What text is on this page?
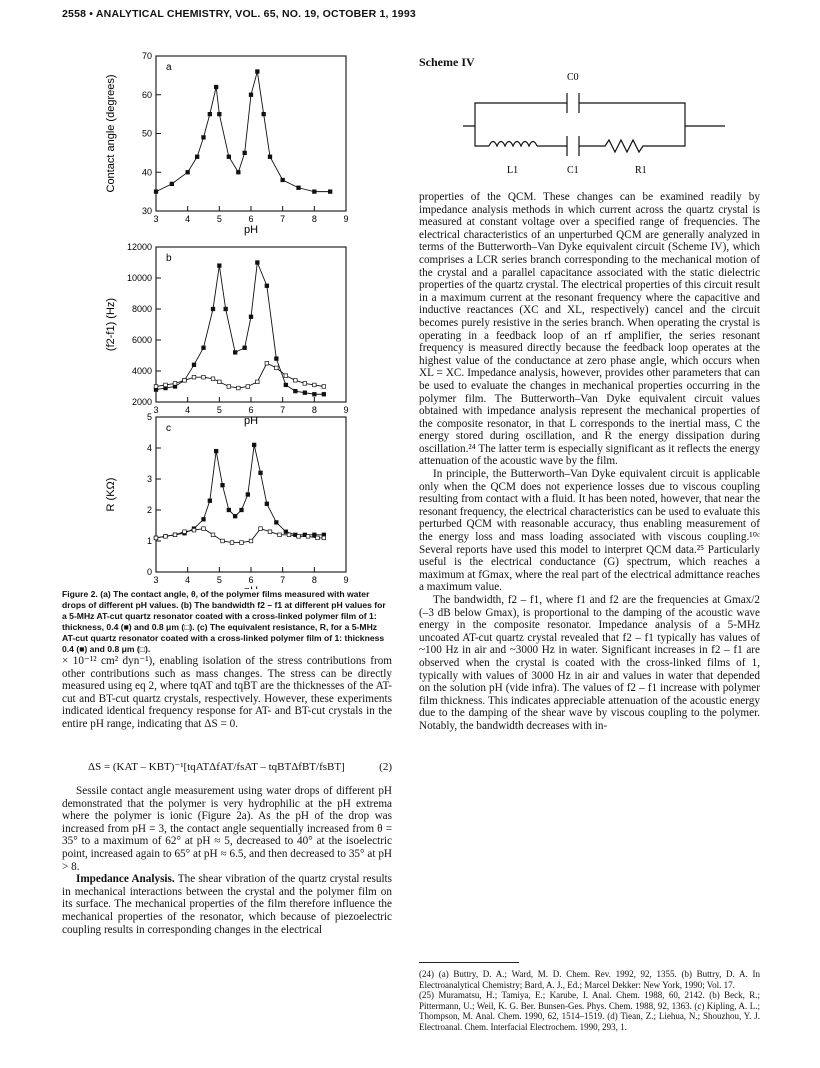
2558 • ANALYTICAL CHEMISTRY, VOL. 65, NO. 19, OCTOBER 1, 1993
3	4	5	6	7	8	9
30
40
50
60
70
pH
Contact angle (degrees)
a
3	4	5	6	7	8	9
2000
4000
6000
8000
10000
12000
pH
(f2-f1) (Hz)
b
3	4	5	6	7	8	9
0
1
2
3
4
5
R (KΩ)
c
Figure 2. (a) The contact angle, θ, of the polymer films measured with water drops of different pH values. (b) The bandwidth f2 – f1 at different pH values for a 5-MHz AT-cut quartz resonator coated with a cross-linked polymer film of 1: thickness, 0.4 (■) and 0.8 μm (□). (c) The equivalent resistance, R, for a 5-MHz AT-cut quartz resonator coated with a cross-linked polymer film of 1: thickness 0.4 (■) and 0.8 μm (□).

× 10⁻¹² cm² dyn⁻¹), enabling isolation of the stress contributions from other contributions such as mass changes. The stress can be directly measured using eq 2, where tqAT and tqBT are the thicknesses of the AT-cut and BT-cut quartz crystals, respectively. However, these experiments indicated identical frequency response for AT- and BT-cut crystals in the entire pH range, indicating that ΔS = 0.

ΔS = (KAT – KBT)⁻¹[tqATΔfAT/fsAT – tqBTΔfBT/fsBT]	(2)

Sessile contact angle measurement using water drops of different pH demonstrated that the polymer is very hydrophilic at the pH extrema where the polymer is ionic (Figure 2a). As the pH of the drop was increased from pH = 3, the contact angle sequentially increased from θ = 35° to a maximum of 62° at pH ≈ 5, decreased to 40° at the isoelectric point, increased again to 65° at pH ≈ 6.5, and then decreased to 35° at pH > 8.

Impedance Analysis. The shear vibration of the quartz crystal results in mechanical interactions between the crystal and the polymer film on its surface. The mechanical properties of the film therefore influence the mechanical properties of the resonator, which because of piezoelectric coupling results in corresponding changes in the electrical

Scheme IV
C0
L1	C1	R1

properties of the QCM. These changes can be examined readily by impedance analysis methods in which current across the quartz crystal is measured at constant voltage over a specified range of frequencies. The electrical characteristics of an unperturbed QCM are generally analyzed in terms of the Butterworth–Van Dyke equivalent circuit (Scheme IV), which comprises a LCR series branch corresponding to the mechanical motion of the crystal and a parallel capacitance associated with the static dielectric properties of the quartz crystal. The electrical properties of this circuit result in a maximum current at the resonant frequency where the capacitive and inductive reactances (XC and XL, respectively) cancel and the circuit becomes purely resistive in the series branch. When operating the crystal is operating in a feedback loop of an rf amplifier, the series resonant frequency is measured directly because the feedback loop operates at the highest value of the conductance at zero phase angle, which occurs when XL = XC. Impedance analysis, however, provides other parameters that can be used to evaluate the changes in mechanical properties occurring in the polymer film. The Butterworth–Van Dyke equivalent circuit values obtained with impedance analysis represent the mechanical properties of the composite resonator, in that L corresponds to the inertial mass, C the energy stored during oscillation, and R the energy dissipation during oscillation.²⁴ The latter term is especially significant as it reflects the energy attenuation of the acoustic wave by the film.

In principle, the Butterworth–Van Dyke equivalent circuit is applicable only when the QCM does not experience losses due to viscous coupling resulting from contact with a fluid. It has been noted, however, that near the resonant frequency, the electrical characteristics can be used to evaluate this perturbed QCM with reasonable accuracy, thus enabling measurement of the energy loss and mass loading associated with viscous coupling.¹⁰ᶜ Several reports have used this model to interpret QCM data.²⁵ Particularly useful is the electrical conductance (G) spectrum, which reaches a maximum at fGmax, where the real part of the electrical admittance reaches a maximum value.

The bandwidth, f2 – f1, where f1 and f2 are the frequencies at Gmax/2 (–3 dB below Gmax), is proportional to the damping of the acoustic wave energy in the composite resonator. Impedance analysis of a 5-MHz uncoated AT-cut quartz crystal revealed that f2 – f1 typically has values of ~100 Hz in air and ~3000 Hz in water. Significant increases in f2 – f1 are observed when the crystal is coated with the cross-linked films of 1, typically with values of 3000 Hz in air and values in water that depended on the solution pH (vide infra). The values of f2 – f1 increase with polymer film thickness. This indicates appreciable attenuation of the acoustic energy due to the damping of the shear wave by viscous coupling to the polymer. Notably, the bandwidth decreases with in-

(24) (a) Buttry, D. A.; Ward, M. D. Chem. Rev. 1992, 92, 1355. (b) Buttry, D. A. In Electroanalytical Chemistry; Bard, A. J., Ed.; Marcel Dekker: New York, 1990; Vol. 17.

(25) Muramatsu, H.; Tamiya, E.; Karube, I. Anal. Chem. 1988, 60, 2142. (b) Beck, R.; Pittermann, U.; Weil, K. G. Ber. Bunsen-Ges. Phys. Chem. 1988, 92, 1363. (c) Kipling, A. L.; Thompson, M. Anal. Chem. 1990, 62, 1514–1519. (d) Tiean, Z.; Liehua, N.; Shouzhou, Y. J. Electroanal. Chem. Interfacial Electrochem. 1990, 293, 1.
